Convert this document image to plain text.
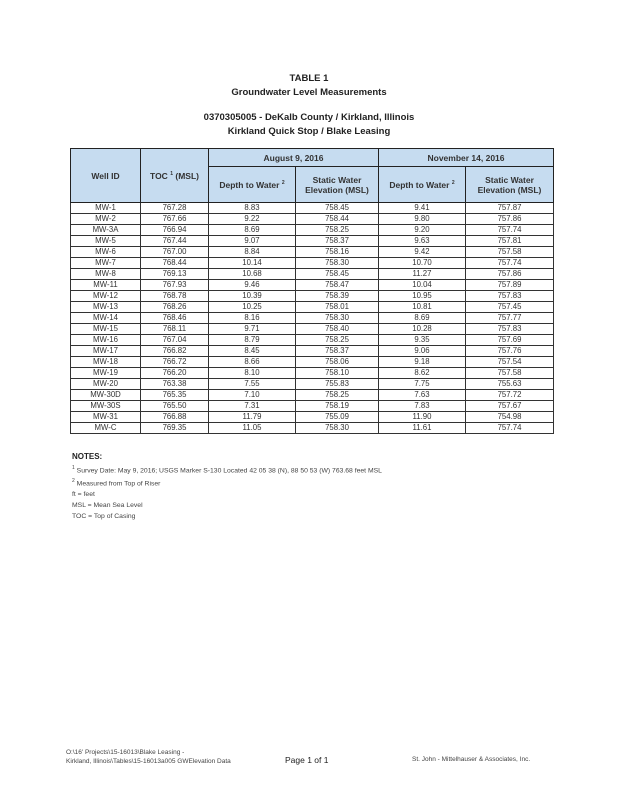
TABLE 1
Groundwater Level Measurements
0370305005 - DeKalb County / Kirkland, Illinois
Kirkland Quick Stop / Blake Leasing
Well ID	TOC $^1$ (MSL)	August 9, 2016		November 14, 2016	
		Depth to Water $^2$	Static Water Elevation (MSL)	Depth to Water $^2$	Static Water Elevation (MSL)
MW-1	767.28	8.83	758.45	9.41	757.87
MW-2	767.66	9.22	758.44	9.80	757.86
MW-3A	766.94	8.69	758.25	9.20	757.74
MW-5	767.44	9.07	758.37	9.63	757.81
MW-6	767.00	8.84	758.16	9.42	757.58
MW-7	768.44	10.14	758.30	10.70	757.74
MW-8	769.13	10.68	758.45	11.27	757.86
MW-11	767.93	9.46	758.47	10.04	757.89
MW-12	768.78	10.39	758.39	10.95	757.83
MW-13	768.26	10.25	758.01	10.81	757.45
MW-14	768.46	8.16	758.30	8.69	757.77
MW-15	768.11	9.71	758.40	10.28	757.83
MW-16	767.04	8.79	758.25	9.35	757.69
MW-17	766.82	8.45	758.37	9.06	757.76
MW-18	766.72	8.66	758.06	9.18	757.54
MW-19	766.20	8.10	758.10	8.62	757.58
MW-20	763.38	7.55	755.83	7.75	755.63
MW-30D	765.35	7.10	758.25	7.63	757.72
MW-30S	765.50	7.31	758.19	7.83	757.67
MW-31	766.88	11.79	755.09	11.90	754.98
MW-C	769.35	11.05	758.30	11.61	757.74
NOTES:
$^1$ Survey Date: May 9, 2016; USGS Marker S-130 Located 42 05 38 (N), 88 50 53 (W) 763.68 feet MSL
$^2$ Measured from Top of Riser
ft = feet
MSL = Mean Sea Level
TOC = Top of Casing
O:\16' Projects\15-16013\Blake Leasing -
Kirkland, Illinois\Tables\15-16013a005 GWElevation Data	Page 1 of 1	St. John - Mittelhauser & Associates, Inc.
